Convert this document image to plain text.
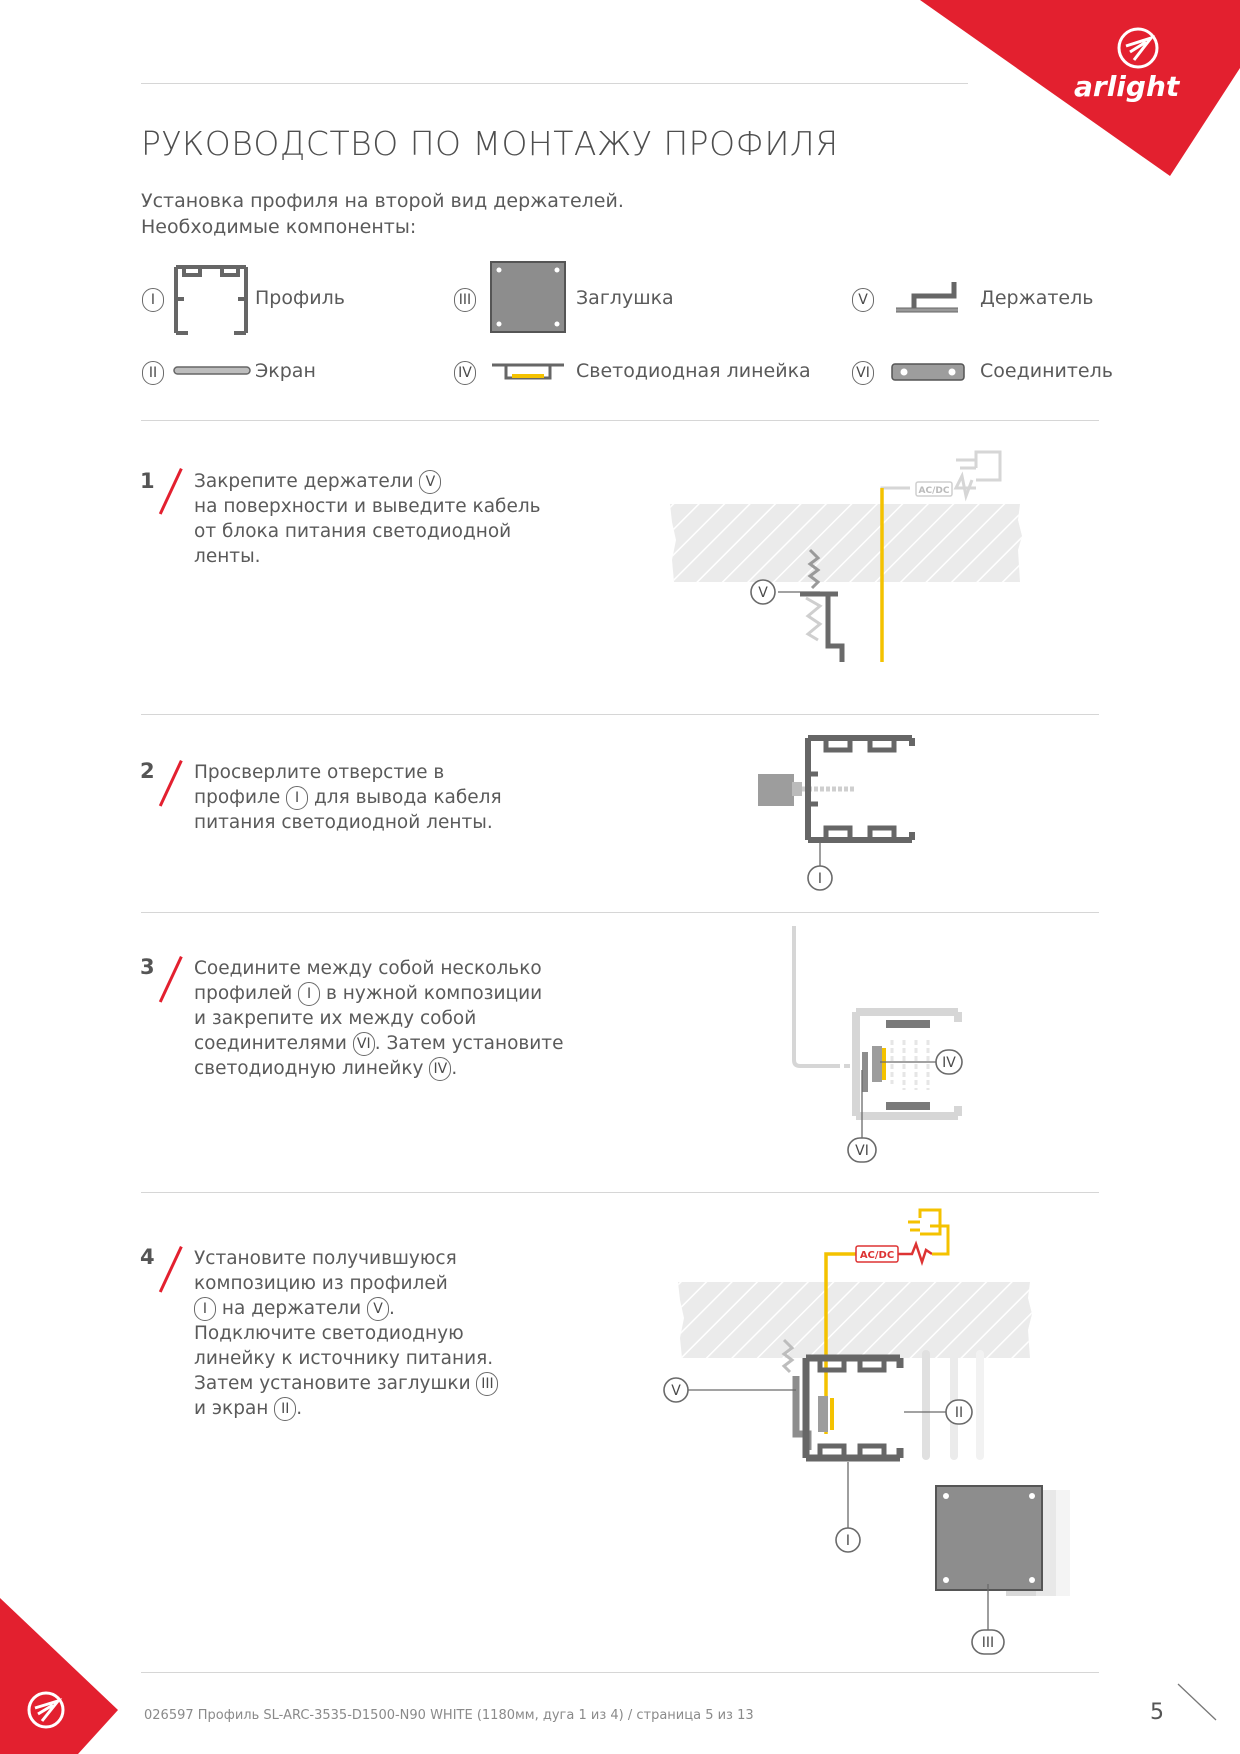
arlight
РУКОВОДСТВО ПО МОНТАЖУ ПРОФИЛЯ
Установка профиля на второй вид держателей.
Необходимые компоненты:
I	Профиль
II	Экран
III	Заглушка
IV	Светодиодная линейка
V	Держатель
VI	Соединитель
1 Закрепите держатели V
на поверхности и выведите кабель
от блока питания светодиодной
ленты.
AC/DC
V
2 Просверлите отверстие в
профиле I для вывода кабеля
питания светодиодной ленты.
I
3 Соедините между собой несколько
профилей I в нужной композиции
и закрепите их между собой
соединителями VI . Затем установите
светодиодную линейку IV .	IV
VI
4 Установите получившуюся
композицию из профилей
I на держатели V .
Подключите светодиодную
линейку к источнику питания.
Затем установите заглушки III
и экран II .
AC/DC
V
II
I
III
026597 Профиль SL-ARC-3535-D1500-N90 WHITE (1180мм, дуга 1 из 4) / страница 5 из 13	5
